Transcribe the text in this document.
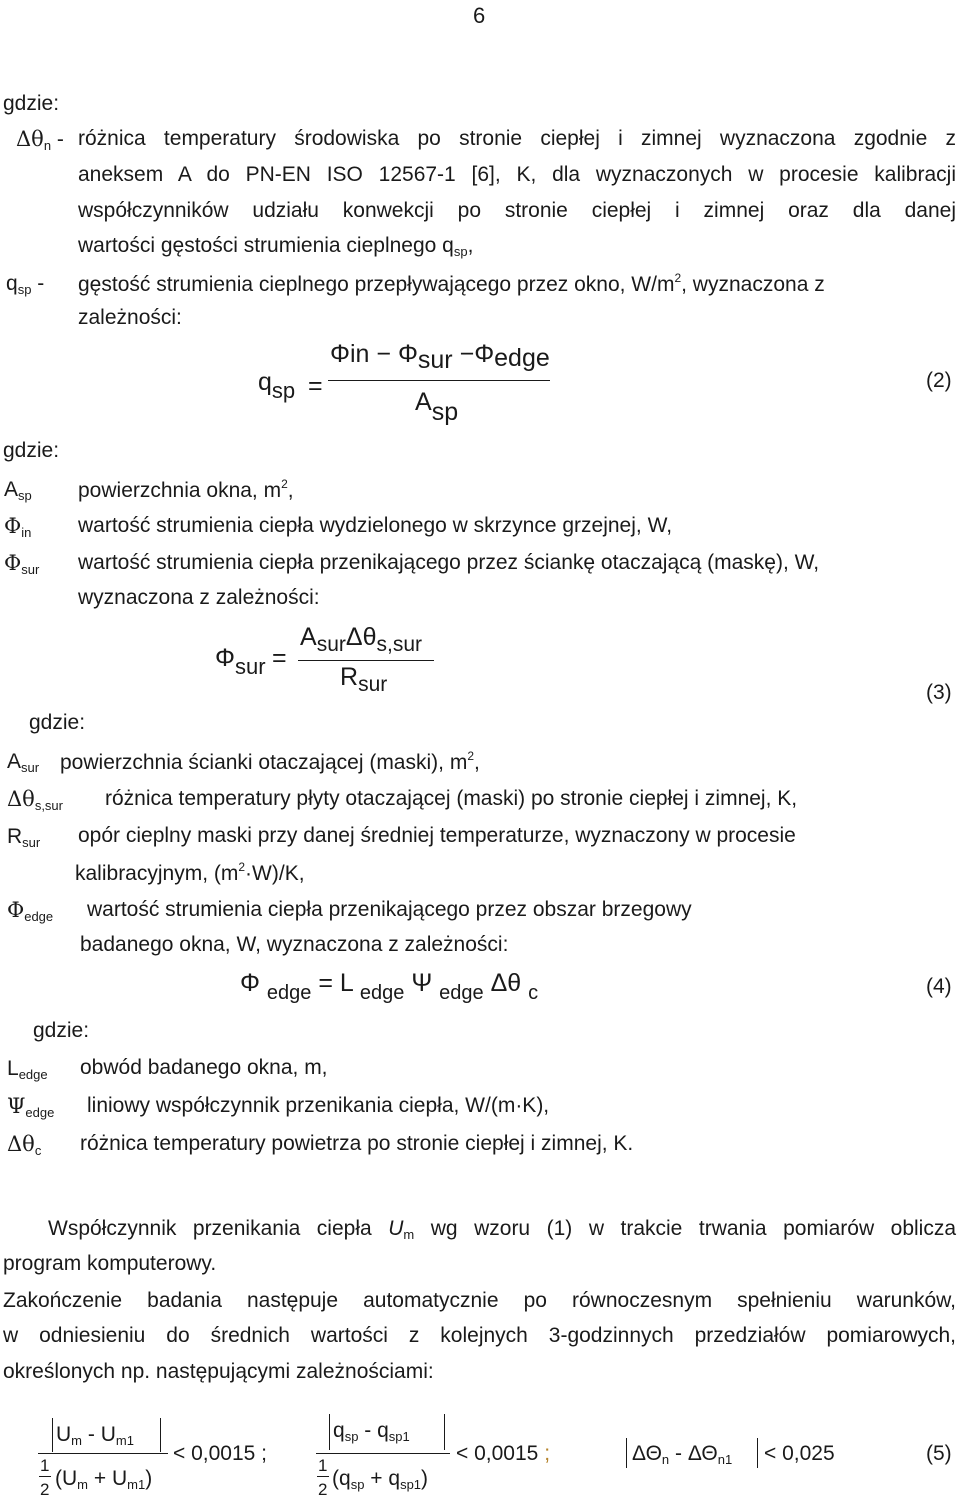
6
gdzie:
$\Delta\theta_n$ - różnica temperatury środowiska po stronie ciepłej i zimnej wyznaczona zgodnie z
aneksem A do PN-EN ISO 12567-1 [6], K, dla wyznaczonych w procesie kalibracji
współczynników udziału konwekcji po stronie ciepłej i zimnej oraz dla danej
wartości gęstości strumienia cieplnego $q_{sp}$,
$q_{sp}$ - gęstość strumienia cieplnego przepływającego przez okno, $W/m^2$, wyznaczona z
zależności:
qsp =
Φin − Φsur −Φedge
Asp
(2)
gdzie:
$A_{sp}$ powierzchnia okna, $m^2$,
$\Phi_{in}$ wartość strumienia ciepła wydzielonego w skrzynce grzejnej, W,
$\Phi_{sur}$ wartość strumienia ciepła przenikającego przez ściankę otaczającą (maskę), W,
wyznaczona z zależności:
Φsur =
$A_{sur}\Delta\theta_{s,sur}$
$R_{sur}$	(3)
gdzie:
$A_{sur}$ powierzchnia ścianki otaczającej (maski), $m^2$,
$\Delta\theta_{s,sur}$ różnica temperatury płyty otaczającej (maski) po stronie ciepłej i zimnej, K,
$R_{sur}$ opór cieplny maski przy danej średniej temperaturze, wyznaczony w procesie
kalibracyjnym, $(m^2\cdot W)/K$,
$\Phi_{edge}$ wartość strumienia ciepła przenikającego przez obszar brzegowy
badanego okna, W, wyznaczona z zależności:
Φ $_{edge}$ = L $_{edge}$ Ψ $_{edge}$ Δθ $_c$	(4)
gdzie:
$L_{edge}$ obwód badanego okna, m,
$\Psi_{edge}$ liniowy współczynnik przenikania ciepła, W/(m·K),
$\Delta\theta_c$ różnica temperatury powietrza po stronie ciepłej i zimnej, K.
Współczynnik przenikania ciepła $U_m$ wg wzoru (1) w trakcie trwania pomiarów oblicza
program komputerowy.
Zakończenie badania następuje automatycznie po równoczesnym spełnieniu warunków,
w odniesieniu do średnich wartości z kolejnych 3-godzinnych przedziałów pomiarowych,
określonych np. następującymi zależnościami:
$U_m - U_{m1}$
1
2 $(U_m + U_{m1})$
< 0,0015 ;
$q_{sp} - q_{sp1}$
1
2 $(q_{sp} + q_{sp1})$
< 0,0015 ;	$\Delta\Theta_n - \Delta\Theta_{n1} < 0,025$	(5)
